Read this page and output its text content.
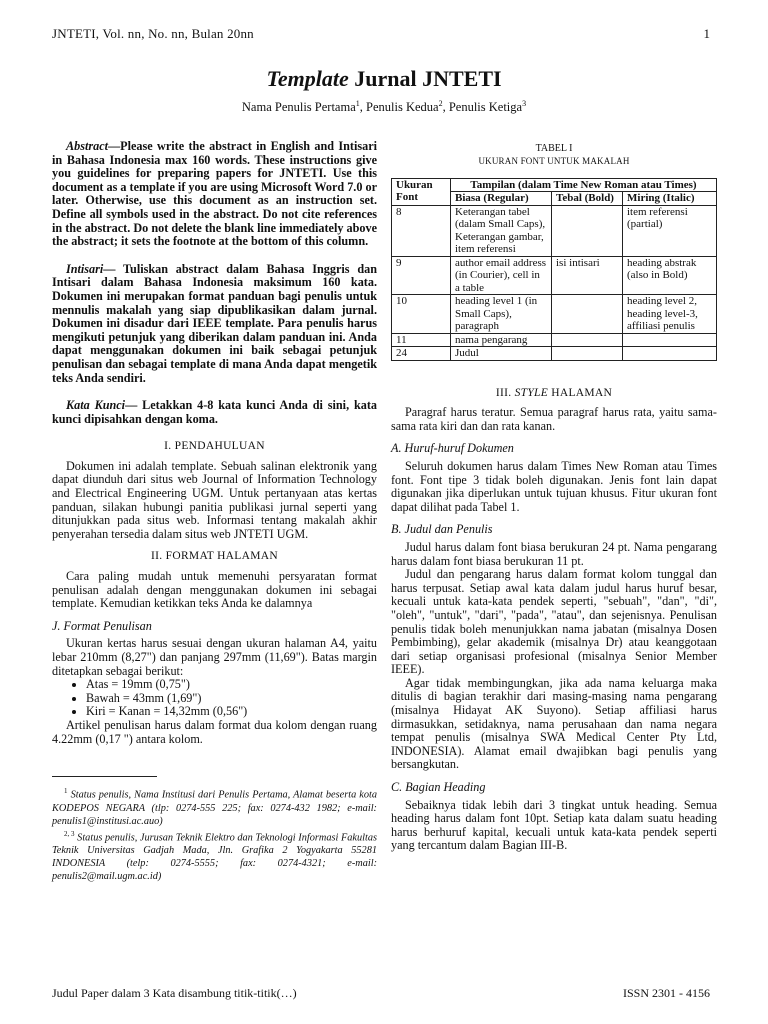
JNTETI, Vol. nn, No. nn, Bulan 20nn	1
Template Jurnal JNTETI
Nama Penulis Pertama$^1$, Penulis Kedua$^2$, Penulis Ketiga$^3$

Abstract—Please write the abstract in English and Intisari in Bahasa Indonesia max 160 words. These instructions give you guidelines for preparing papers for JNTETI. Use this document as a template if you are using Microsoft Word 7.0 or later. Otherwise, use this document as an instruction set. Define all symbols used in the abstract. Do not cite references in the abstract. Do not delete the blank line immediately above the abstract; it sets the footnote at the bottom of this column.

Intisari— Tuliskan abstract dalam Bahasa Inggris dan Intisari dalam Bahasa Indonesia maksimum 160 kata. Dokumen ini merupakan format panduan bagi penulis untuk mennulis makalah yang siap dipublikasikan dalam jurnal. Dokumen ini disadur dari IEEE template. Para penulis harus mengikuti petunjuk yang diberikan dalam panduan ini. Anda dapat menggunakan dokumen ini baik sebagai petunjuk penulisan dan sebagai template di mana Anda dapat mengetik teks Anda sendiri.

Kata Kunci— Letakkan 4-8 kata kunci Anda di sini, kata kunci dipisahkan dengan koma.

I. PENDAHULUAN

Dokumen ini adalah template. Sebuah salinan elektronik yang dapat diunduh dari situs web Journal of Information Technology and Electrical Engineering UGM. Untuk pertanyaan atas kertas panduan, silakan hubungi panitia publikasi jurnal seperti yang ditunjukkan pada situs web. Informasi tentang makalah akhir penyerahan tersedia dalam situs web JNTETI UGM.

II. FORMAT HALAMAN

Cara paling mudah untuk memenuhi persyaratan format penulisan adalah dengan menggunakan dokumen ini sebagai template. Kemudian ketikkan teks Anda ke dalamnya

J. Format Penulisan

Ukuran kertas harus sesuai dengan ukuran halaman A4, yaitu lebar 210mm (8,27") dan panjang 297mm (11,69"). Batas margin ditetapkan sebagai berikut:

• Atas = 19mm (0,75")
• Bawah = 43mm (1,69")
• Kiri = Kanan = 14,32mm (0,56")

Artikel penulisan harus dalam format dua kolom dengan ruang 4.22mm (0,17 ") antara kolom.

$^1$ Status penulis, Nama Institusi dari Penulis Pertama, Alamat beserta kota KODEPOS NEGARA (tlp: 0274-555 225; fax: 0274-432 1982; e-mail: penulis1@institusi.ac.auo)

$^{2, 3}$ Status penulis, Jurusan Teknik Elektro dan Teknologi Informasi Fakultas Teknik Universitas Gadjah Mada, Jln. Grafika 2 Yogyakarta 55281 INDONESIA (telp: 0274-5555; fax: 0274-4321; e-mail: penulis2@mail.ugm.ac.id)

TABEL I
UKURAN FONT UNTUK MAKALAH
Ukuran Font	Tampilan (dalam Time New Roman atau Times)		
	Biasa (Regular)	Tebal (Bold)	Miring (Italic)
8	Keterangan tabel (dalam Small Caps), Keterangan gambar, item referensi		item referensi (partial)
9	author email address (in Courier), cell in a table	isi intisari	heading abstrak (also in Bold)
10	heading level 1 (in Small Caps), paragraph		heading level 2, heading level-3, affiliasi penulis
11	nama pengarang		
24	Judul		
III. STYLE HALAMAN

Paragraf harus teratur. Semua paragraf harus rata, yaitu sama-sama rata kiri dan dan rata kanan.

A. Huruf-huruf Dokumen

Seluruh dokumen harus dalam Times New Roman atau Times font. Font tipe 3 tidak boleh digunakan. Jenis font lain dapat digunakan jika diperlukan untuk tujuan khusus. Fitur ukuran font dapat dilihat pada Tabel 1.

B. Judul dan Penulis

Judul harus dalam font biasa berukuran 24 pt. Nama pengarang harus dalam font biasa berukuran 11 pt.

Judul dan pengarang harus dalam format kolom tunggal dan harus terpusat. Setiap awal kata dalam judul harus huruf besar, kecuali untuk kata-kata pendek seperti, "sebuah", "dan", "di", "oleh", "untuk", "dari", "pada", "atau", dan sejenisnya. Penulisan penulis tidak boleh menunjukkan nama jabatan (misalnya Dosen Pembimbing), gelar akademik (misalnya Dr) atau keanggotaan dari setiap organisasi profesional (misalnya Senior Member IEEE).

Agar tidak membingungkan, jika ada nama keluarga maka ditulis di bagian terakhir dari masing-masing nama pengarang (misalnya Hidayat AK Suyono). Setiap affiliasi harus dirmasukkan, setidaknya, nama perusahaan dan nama negara tempat penulis (misalnya SWA Medical Center Pty Ltd, INDONESIA). Alamat email dwajibkan bagi penulis yang bersangkutan.

C. Bagian Heading

Sebaiknya tidak lebih dari 3 tingkat untuk heading. Semua heading harus dalam font 10pt. Setiap kata dalam suatu heading harus berhuruf kapital, kecuali untuk kata-kata pendek seperti yang tercantum dalam Bagian III-B.

Judul Paper dalam 3 Kata disambung titik-titik(…)	ISSN 2301 - 4156
